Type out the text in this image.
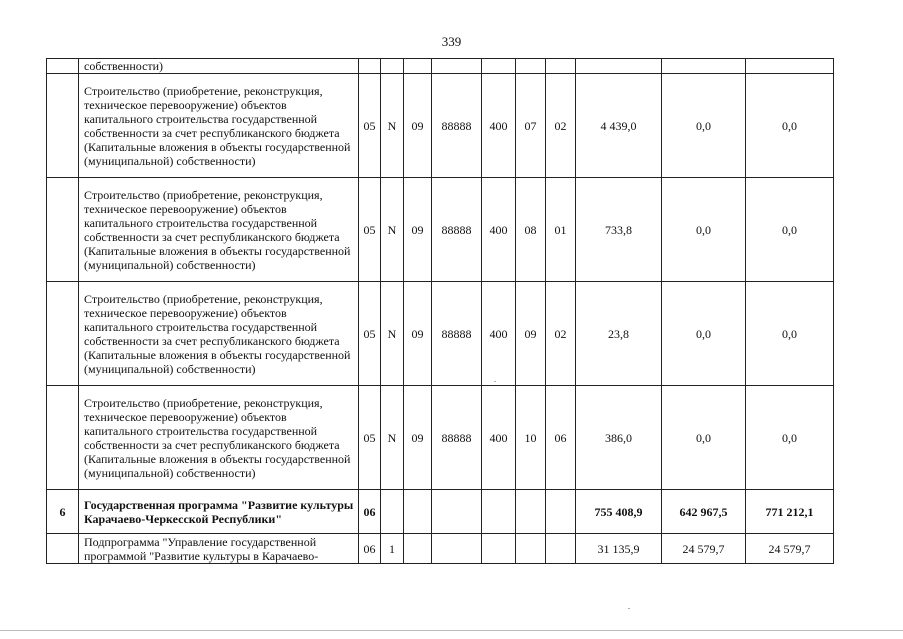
339
	собственности)										
	Строительство (приобретение, реконструкция, техническое перевооружение) объектов капитального строительства государственной собственности за счет республиканского бюджета (Капитальные вложения в объекты государственной (муниципальной) собственности)	05	N	09	88888	400	07	02	4 439,0	0,0	0,0
	Строительство (приобретение, реконструкция, техническое перевооружение) объектов капитального строительства государственной собственности за счет республиканского бюджета (Капитальные вложения в объекты государственной (муниципальной) собственности)	05	N	09	88888	400	08	01	733,8	0,0	0,0
	Строительство (приобретение, реконструкция, техническое перевооружение) объектов капитального строительства государственной собственности за счет республиканского бюджета (Капитальные вложения в объекты государственной (муниципальной) собственности)	05	N	09	88888	400	09	02	23,8	0,0	0,0
	Строительство (приобретение, реконструкция, техническое перевооружение) объектов капитального строительства государственной собственности за счет республиканского бюджета (Капитальные вложения в объекты государственной (муниципальной) собственности)	05	N	09	88888	400	10	06	386,0	0,0	0,0
6	Государственная программа "Развитие культуры Карачаево-Черкесской Республики"	06							755 408,9	642 967,5	771 212,1
	Подпрограмма "Управление государственной программой "Развитие культуры в Карачаево-	06	1						31 135,9	24 579,7	24 579,7
